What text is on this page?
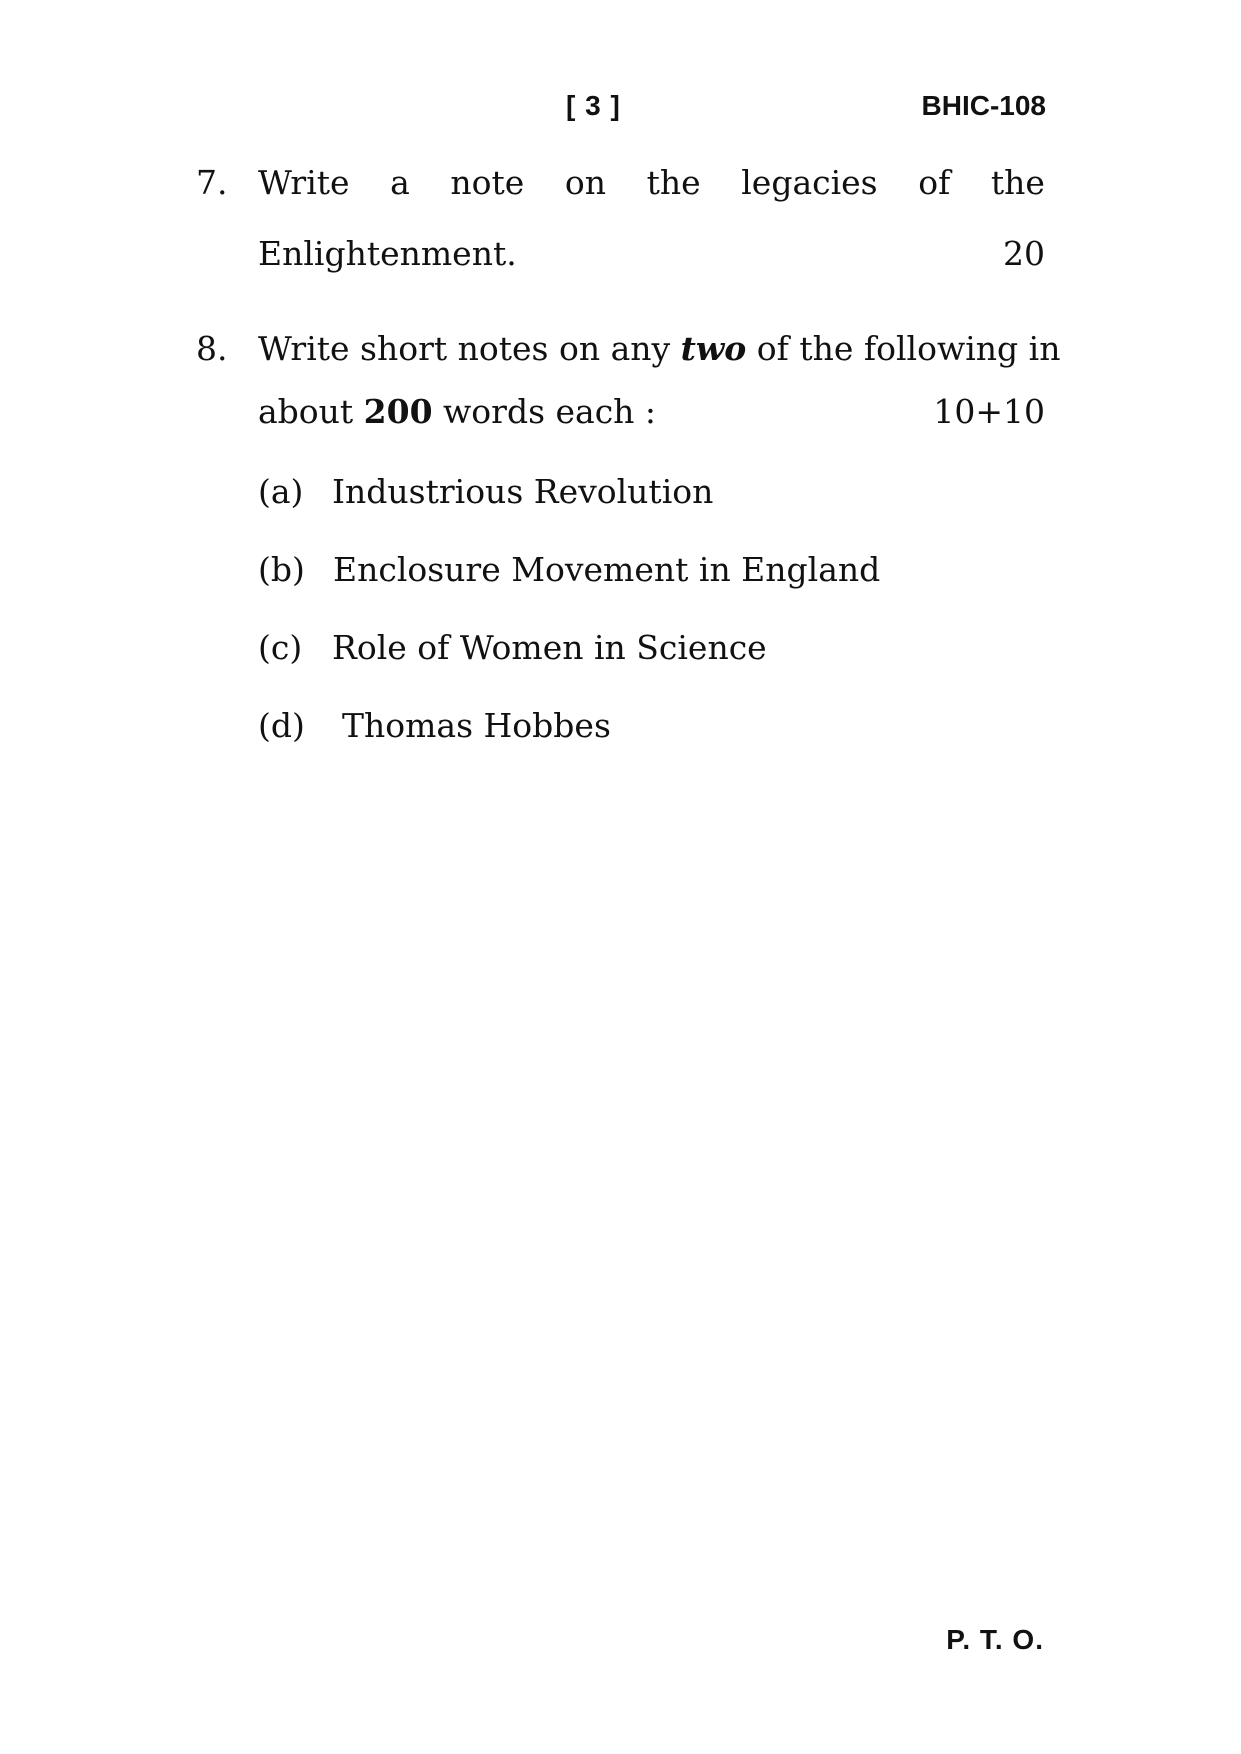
[ 3 ]	BHIC-108
7. Write a note on the legacies of the
Enlightenment.	20
8. Write short notes on any two of the following in
about 200 words each :	10+10
(a) Industrious Revolution
(b) Enclosure Movement in England
(c) Role of Women in Science
(d) Thomas Hobbes
P. T. O.
